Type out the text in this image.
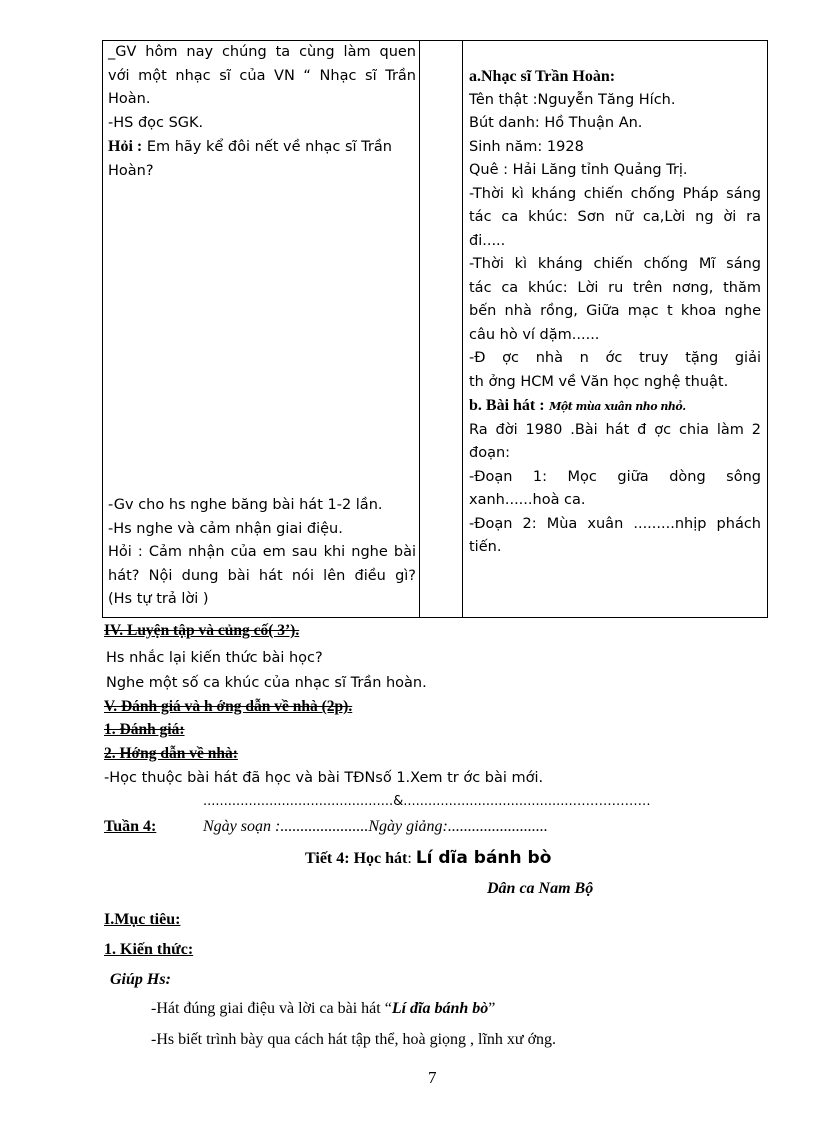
_GV hôm nay chúng ta cùng làm quen

với một nhạc sĩ của VN “ Nhạc sĩ Trần

Hoàn.

-HS đọc SGK.

Hỏi : Em hãy kể đôi nết về nhạc sĩ Trần

Hoàn?

-Gv cho hs nghe băng bài hát 1-2 lần.

-Hs nghe và cảm nhận giai điệu.

Hỏi : Cảm nhận của em sau khi nghe bài

hát? Nội dung bài hát nói lên điều gì?

(Hs tự trả lời )

a.Nhạc sĩ Trần Hoàn:

Tên thật :Nguyễn Tăng Hích.

Bút danh: Hồ Thuận An.

Sinh năm: 1928

Quê : Hải Lăng tỉnh Quảng Trị.

-Thời kì kháng chiến chống Pháp sáng

tác ca khúc: Sơn nữ ca,Lời ng ời ra

đi.....

-Thời kì kháng chiến chống Mĩ sáng

tác ca khúc: Lời ru trên nơng, thăm

bến nhà rồng, Giữa mạc t khoa nghe

câu hò ví dặm......

-Đ ợc nhà n ớc truy tặng giải

th ởng HCM về Văn học nghệ thuật.

b. Bài hát : Một mùa xuân nho nhỏ.

Ra đời 1980 .Bài hát đ ợc chia làm 2

đoạn:

-Đoạn 1: Mọc giữa dòng sông

xanh......hoà ca.

-Đoạn 2: Mùa xuân .........nhịp phách

tiến.

IV. Luyện tập và củng cố( 3’).
Hs nhắc lại kiến thức bài học?
Nghe một số ca khúc của nhạc sĩ Trần hoàn.
V. Đánh giá và h ớng dẫn về nhà (2p).
1. Đánh giá:
2. Hớng dẫn về nhà:
-Học thuộc bài hát đã học và bài TĐNsố 1.Xem tr ớc bài mới.
..............................................&.........................................………………
Tuần 4:	Ngày soạn :......................Ngày giảng:.........................
Tiết 4: Học hát: Lí dĩa bánh bò
Dân ca Nam Bộ
I.Mục tiêu:
1. Kiến thức:
Giúp Hs:
-Hát đúng giai điệu và lời ca bài hát “Lí dĩa bánh bò”
-Hs biết trình bày qua cách hát tập thể, hoà giọng , lĩnh xư ớng.
7
